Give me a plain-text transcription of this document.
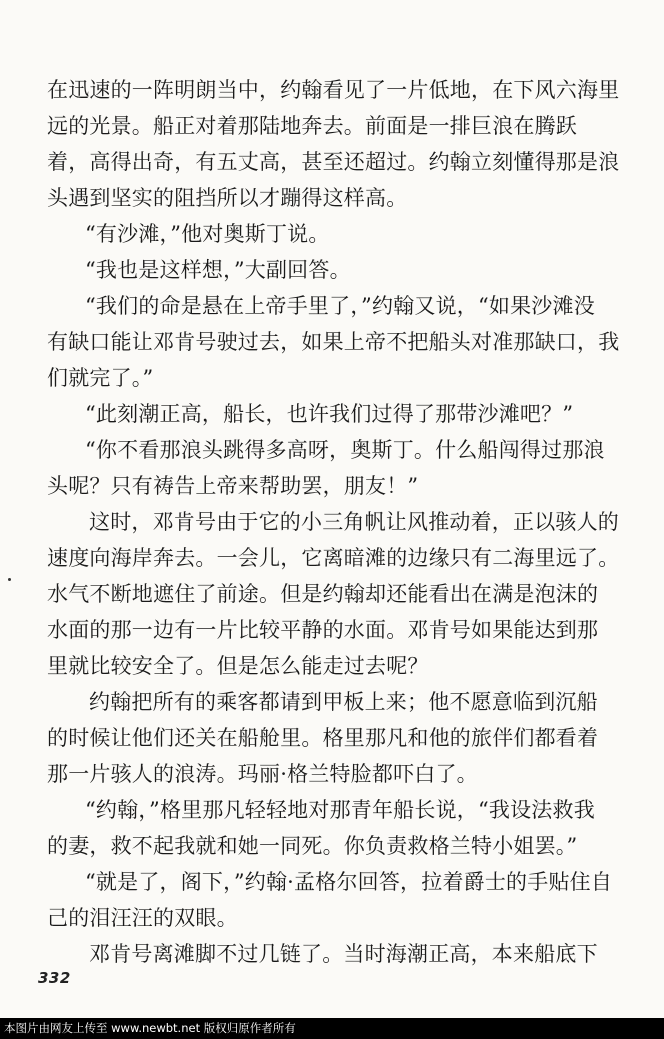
在迅速的一阵明朗当中，约翰看见了一片低地，在下风六海里
远的光景。船正对着那陆地奔去。前面是一排巨浪在腾跃
着，高得出奇，有五丈高，甚至还超过。约翰立刻懂得那是浪
头遇到坚实的阻挡所以才蹦得这样高。
“有沙滩，”他对奥斯丁说。
“我也是这样想，”大副回答。
“我们的命是悬在上帝手里了，”约翰又说，“如果沙滩没
有缺口能让邓肯号驶过去，如果上帝不把船头对准那缺口，我
们就完了。”
“此刻潮正高，船长，也许我们过得了那带沙滩吧？”
“你不看那浪头跳得多高呀，奥斯丁。什么船闯得过那浪
头呢？只有祷告上帝来帮助罢，朋友！”
这时，邓肯号由于它的小三角帆让风推动着，正以骇人的
速度向海岸奔去。一会儿，它离暗滩的边缘只有二海里远了。
水气不断地遮住了前途。但是约翰却还能看出在满是泡沫的
水面的那一边有一片比较平静的水面。邓肯号如果能达到那
里就比较安全了。但是怎么能走过去呢？
约翰把所有的乘客都请到甲板上来；他不愿意临到沉船
的时候让他们还关在船舱里。格里那凡和他的旅伴们都看着
那一片骇人的浪涛。玛丽·格兰特脸都吓白了。
“约翰，”格里那凡轻轻地对那青年船长说，“我设法救我
的妻，救不起我就和她一同死。你负责救格兰特小姐罢。”
“就是了，阁下，”约翰·孟格尔回答，拉着爵士的手贴住自
己的泪汪汪的双眼。
邓肯号离滩脚不过几链了。当时海潮正高，本来船底下
332
本图片由网友上传至 www.newbt.net 版权归原作者所有
